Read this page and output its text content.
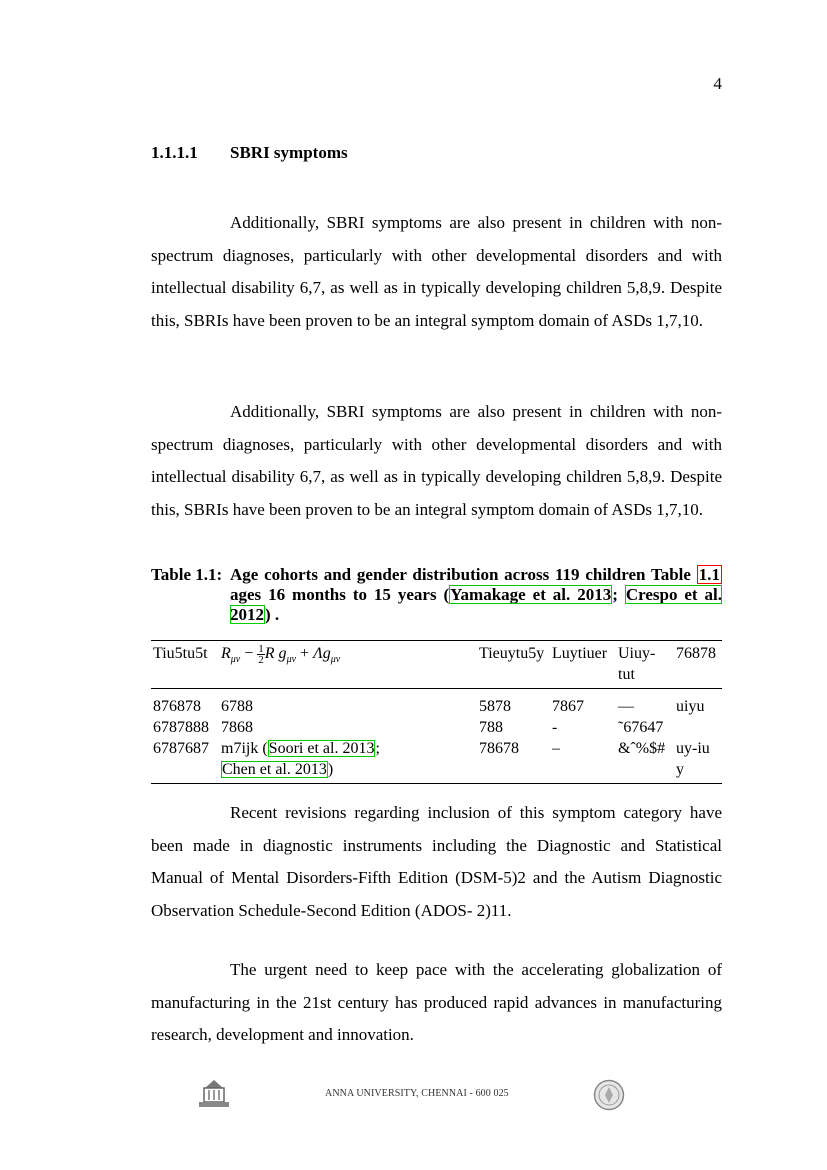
4
1.1.1.1 SBRI symptoms

Additionally, SBRI symptoms are also present in children with non-spectrum diagnoses, particularly with other developmental disorders and with intellectual disability 6,7, as well as in typically developing children 5,8,9. Despite this, SBRIs have been proven to be an integral symptom domain of ASDs 1,7,10.

Additionally, SBRI symptoms are also present in children with non-spectrum diagnoses, particularly with other developmental disorders and with intellectual disability 6,7, as well as in typically developing children 5,8,9. Despite this, SBRIs have been proven to be an integral symptom domain of ASDs 1,7,10.

Table 1.1: Age cohorts and gender distribution across 119 children Table 1.1 ages 16 months to 15 years (Yamakage et al. 2013; Crespo et al. 2012) .
Tiu5tu5t	$R_{\mu\nu} - \frac{1}{2}$ R $g_{\mu\nu} + \Lambda g_{\mu\nu}$	Tieuytu5y	Luytiuer	Uiuy-tut	76878
876878	6788	5878	7867	—	uiyu
6787888	7868	788	-	˜67647	
6787687	m7ijk (Soori et al. 2013;
Chen et al. 2013)	78678	–	&ˆ%$#	uy-iuy

Recent revisions regarding inclusion of this symptom category have been made in diagnostic instruments including the Diagnostic and Statistical Manual of Mental Disorders-Fifth Edition (DSM-5)2 and the Autism Diagnostic Observation Schedule-Second Edition (ADOS- 2)11.

The urgent need to keep pace with the accelerating globalization of manufacturing in the 21st century has produced rapid advances in manufacturing research, development and innovation.

ANNA UNIVERSITY, CHENNAI - 600 025
